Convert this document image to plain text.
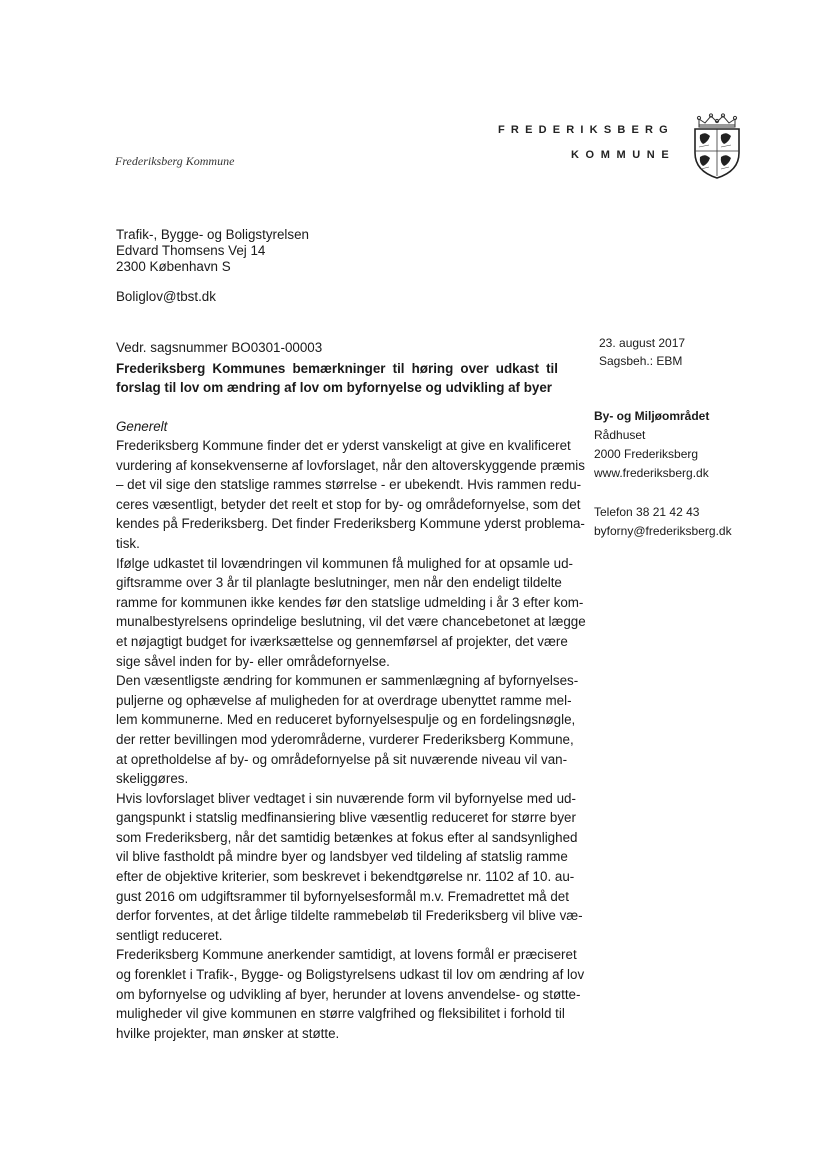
FREDERIKSBERG
KOMMUNE
Frederiksberg Kommune
Trafik-, Bygge- og Boligstyrelsen
Edvard Thomsens Vej 14
2300 København S
Boliglov@tbst.dk
23. august 2017
Sagsbeh.: EBM
By- og Miljøområdet
Rådhuset
2000 Frederiksberg
www.frederiksberg.dk
Telefon 38 21 42 43
byforny@frederiksberg.dk
Vedr. sagsnummer BO0301-00003
Frederiksberg Kommunes bemærkninger til høring over udkast til
forslag til lov om ændring af lov om byfornyelse og udvikling af byer
Generelt
Frederiksberg Kommune finder det er yderst vanskeligt at give en kvalificeret
vurdering af konsekvenserne af lovforslaget, når den altoverskyggende præmis
– det vil sige den statslige rammes størrelse - er ubekendt. Hvis rammen redu-
ceres væsentligt, betyder det reelt et stop for by- og områdefornyelse, som det
kendes på Frederiksberg. Det finder Frederiksberg Kommune yderst problema-
tisk.
Ifølge udkastet til lovændringen vil kommunen få mulighed for at opsamle ud-
giftsramme over 3 år til planlagte beslutninger, men når den endeligt tildelte
ramme for kommunen ikke kendes før den statslige udmelding i år 3 efter kom-
munalbestyrelsens oprindelige beslutning, vil det være chancebetonet at lægge
et nøjagtigt budget for iværksættelse og gennemførsel af projekter, det være
sige såvel inden for by- eller områdefornyelse.
Den væsentligste ændring for kommunen er sammenlægning af byfornyelses-
puljerne og ophævelse af muligheden for at overdrage ubenyttet ramme mel-
lem kommunerne. Med en reduceret byfornyelsespulje og en fordelingsnøgle,
der retter bevillingen mod yderområderne, vurderer Frederiksberg Kommune,
at opretholdelse af by- og områdefornyelse på sit nuværende niveau vil van-
skeliggøres.
Hvis lovforslaget bliver vedtaget i sin nuværende form vil byfornyelse med ud-
gangspunkt i statslig medfinansiering blive væsentlig reduceret for større byer
som Frederiksberg, når det samtidig betænkes at fokus efter al sandsynlighed
vil blive fastholdt på mindre byer og landsbyer ved tildeling af statslig ramme
efter de objektive kriterier, som beskrevet i bekendtgørelse nr. 1102 af 10. au-
gust 2016 om udgiftsrammer til byfornyelsesformål m.v. Fremadrettet må det
derfor forventes, at det årlige tildelte rammebeløb til Frederiksberg vil blive væ-
sentligt reduceret.
Frederiksberg Kommune anerkender samtidigt, at lovens formål er præciseret
og forenklet i Trafik-, Bygge- og Boligstyrelsens udkast til lov om ændring af lov
om byfornyelse og udvikling af byer, herunder at lovens anvendelse- og støtte-
muligheder vil give kommunen en større valgfrihed og fleksibilitet i forhold til
hvilke projekter, man ønsker at støtte.
